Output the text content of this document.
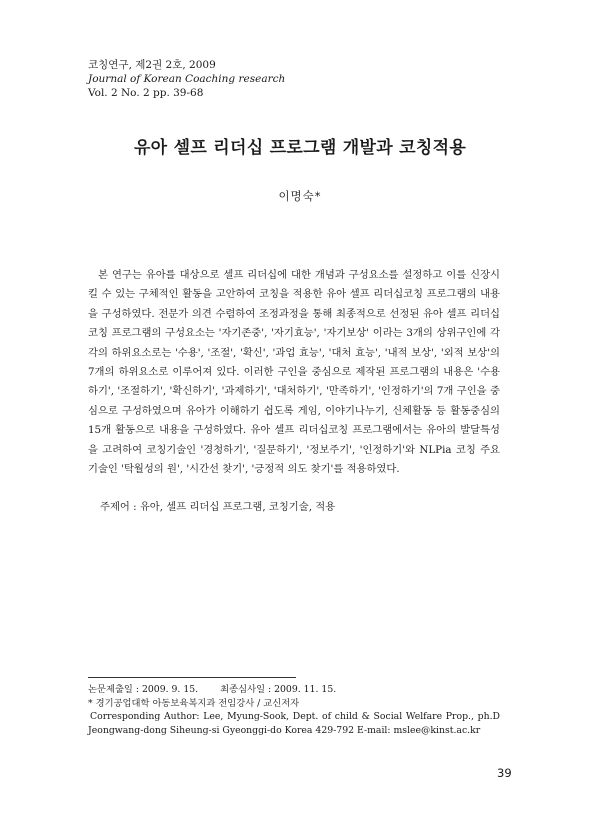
코칭연구, 제2권 2호, 2009
Journal of Korean Coaching research
Vol. 2 No. 2 pp. 39-68
유아 셀프 리더십 프로그램 개발과 코칭적용
이명숙*

본 연구는 유아를 대상으로 셀프 리더십에 대한 개념과 구성요소를 설정하고 이를 신장시킬 수 있는 구체적인 활동을 고안하여 코칭을 적용한 유아 셀프 리더십코칭 프로그램의 내용을 구성하였다. 전문가 의견 수렴하여 조정과정을 통해 최종적으로 선정된 유아 셀프 리더십코칭 프로그램의 구성요소는 '자기존중', '자기효능', '자기보상' 이라는 3개의 상위구인에 각각의 하위요소로는 '수용', '조절', '확신', '과업 효능', '대처 효능', '내적 보상', '외적 보상'의 7개의 하위요소로 이루어져 있다. 이러한 구인을 중심으로 제작된 프로그램의 내용은 '수용하기', '조절하기', '확신하기', '과제하기', '대처하기', '만족하기', '인정하기'의 7개 구인을 중심으로 구성하였으며 유아가 이해하기 쉽도록 게임, 이야기나누기, 신체활동 등 활동중심의 15개 활동으로 내용을 구성하였다. 유아 셀프 리더십코칭 프로그램에서는 유아의 발달특성을 고려하여 코칭기술인 '경청하기', '질문하기', '정보주기', '인정하기'와 NLPia 코칭 주요기술인 '탁월성의 원', '시간선 찾기', '긍정적 의도 찾기'를 적용하였다.

주제어 : 유아, 셀프 리더십 프로그램, 코칭기술, 적용
논문제출일 : 2009. 9. 15. 최종심사일 : 2009. 11. 15.
* 경기공업대학 아동보육복지과 전임강사 / 교신저자
Corresponding Author: Lee, Myung-Sook, Dept. of child & Social Welfare Prop., ph.D
Jeongwang-dong Siheung-si Gyeonggi-do Korea 429-792 E-mail: mslee@kinst.ac.kr
39
